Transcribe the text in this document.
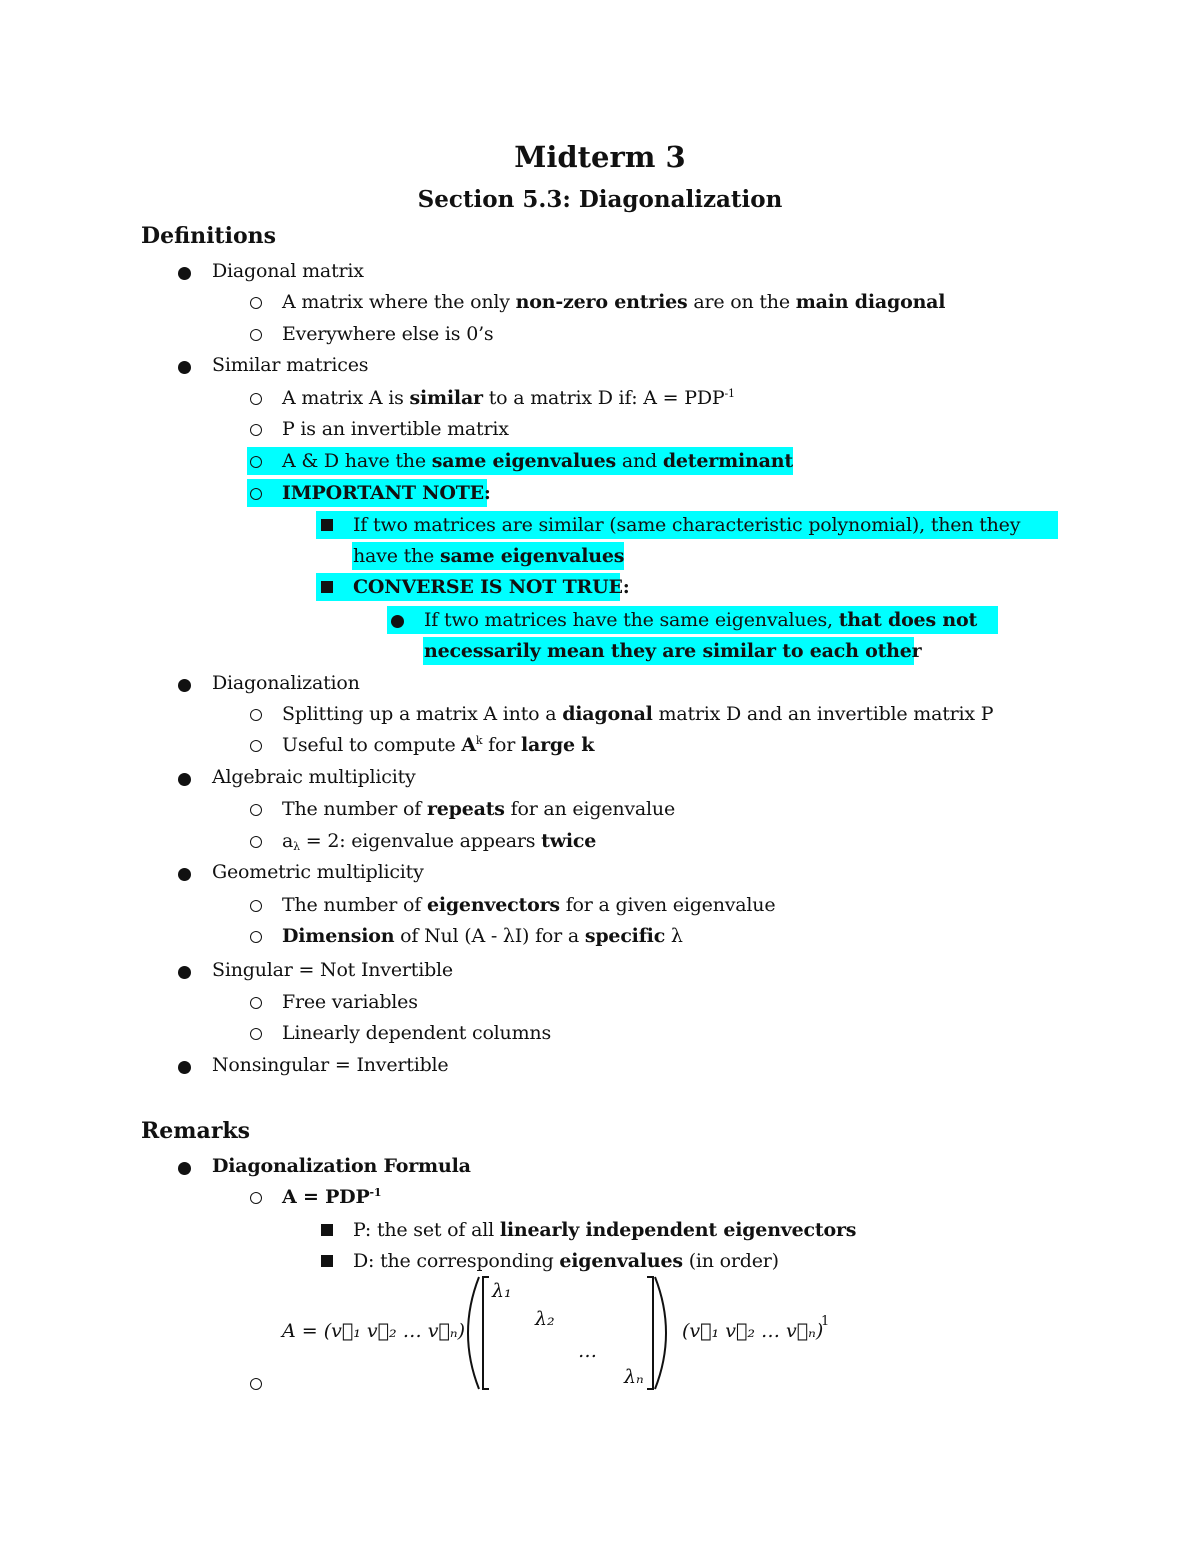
Midterm 3
Section 5.3: Diagonalization
Definitions
Diagonal matrix
A matrix where the only non-zero entries are on the main diagonal
Everywhere else is 0’s
Similar matrices
A matrix A is similar to a matrix D if: $A = PDP^{-1}$
P is an invertible matrix
A & D have the same eigenvalues and determinant
IMPORTANT NOTE:
If two matrices are similar (same characteristic polynomial), then they
have the same eigenvalues
CONVERSE IS NOT TRUE:
If two matrices have the same eigenvalues, that does not
necessarily mean they are similar to each other
Diagonalization
Splitting up a matrix A into a diagonal matrix D and an invertible matrix P
Useful to compute $A^k$ for large k
Algebraic multiplicity
The number of repeats for an eigenvalue
$a_\lambda = 2$: eigenvalue appears twice
Geometric multiplicity
The number of eigenvectors for a given eigenvalue
Dimension of Nul (A - λI) for a specific λ
Singular = Not Invertible
Free variables
Linearly dependent columns
Nonsingular = Invertible
Remarks
Diagonalization Formula
$A = PDP^{-1}$
P: the set of all linearly independent eigenvectors
D: the corresponding eigenvalues (in order)
A = (v⃗₁ v⃗₂ … v⃗ₙ)
λ₁
λ₂
…
λₙ
(v⃗₁ v⃗₂ … v⃗ₙ)
1
